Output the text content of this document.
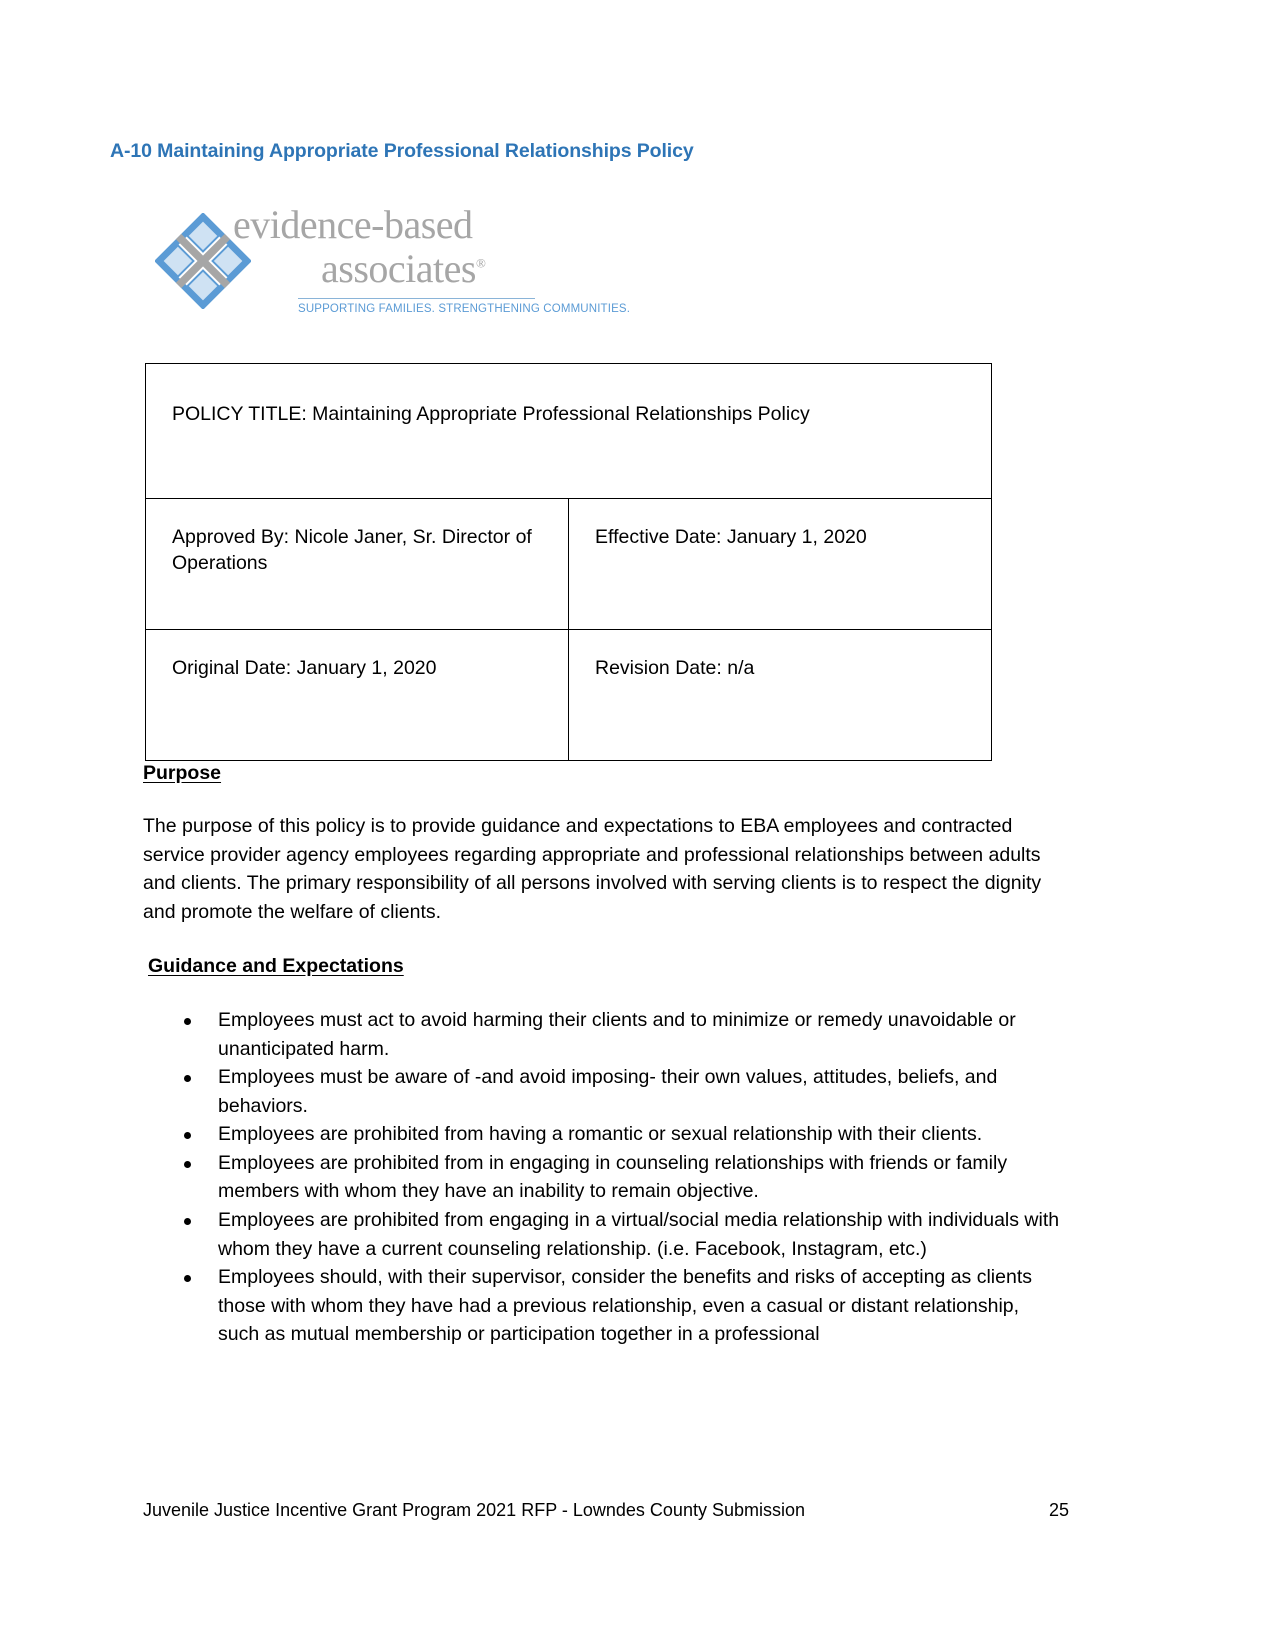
A-10 Maintaining Appropriate Professional Relationships Policy
evidence-based
associates®
SUPPORTING FAMILIES. STRENGTHENING COMMUNITIES.
POLICY TITLE: Maintaining Appropriate Professional Relationships Policy	
Approved By: Nicole Janer, Sr. Director of Operations	Effective Date: January 1, 2020
Original Date: January 1, 2020	Revision Date: n/a
Purpose
The purpose of this policy is to provide guidance and expectations to EBA employees and contracted service provider agency employees regarding appropriate and professional relationships between adults and clients. The primary responsibility of all persons involved with serving clients is to respect the dignity and promote the welfare of clients.
Guidance and Expectations
Employees must act to avoid harming their clients and to minimize or remedy unavoidable or unanticipated harm.
Employees must be aware of -and avoid imposing- their own values, attitudes, beliefs, and behaviors.
Employees are prohibited from having a romantic or sexual relationship with their clients.
Employees are prohibited from in engaging in counseling relationships with friends or family members with whom they have an inability to remain objective.
Employees are prohibited from engaging in a virtual/social media relationship with individuals with whom they have a current counseling relationship. (i.e. Facebook, Instagram, etc.)
Employees should, with their supervisor, consider the benefits and risks of accepting as clients those with whom they have had a previous relationship, even a casual or distant relationship, such as mutual membership or participation together in a professional
Juvenile Justice Incentive Grant Program 2021 RFP - Lowndes County Submission	25
